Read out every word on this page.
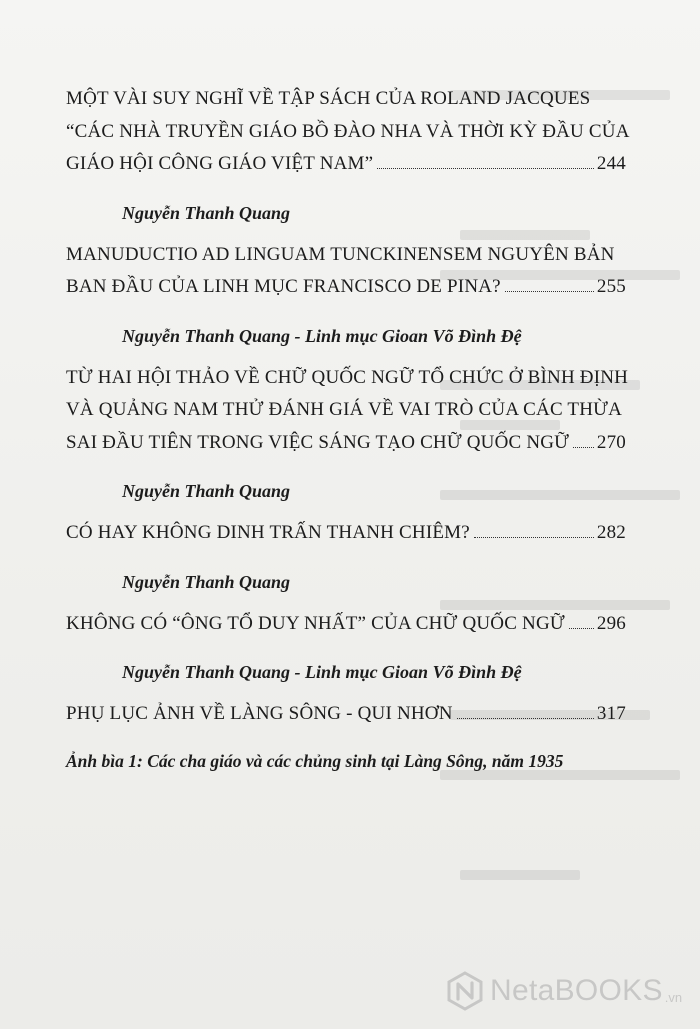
MỘT VÀI SUY NGHĨ VỀ TẬP SÁCH CỦA ROLAND JACQUES
“CÁC NHÀ TRUYỀN GIÁO BỒ ĐÀO NHA VÀ THỜI KỲ ĐẦU CỦA
GIÁO HỘI CÔNG GIÁO VIỆT NAM”	244
Nguyễn Thanh Quang
MANUDUCTIO AD LINGUAM TUNCKINENSEM NGUYÊN BẢN
BAN ĐẦU CỦA LINH MỤC FRANCISCO DE PINA?	255
Nguyễn Thanh Quang - Linh mục Gioan Võ Đình Đệ
TỪ HAI HỘI THẢO VỀ CHỮ QUỐC NGỮ TỔ CHỨC Ở BÌNH ĐỊNH
VÀ QUẢNG NAM THỬ ĐÁNH GIÁ VỀ VAI TRÒ CỦA CÁC THỪA
SAI ĐẦU TIÊN TRONG VIỆC SÁNG TẠO CHỮ QUỐC NGỮ 270
Nguyễn Thanh Quang
CÓ HAY KHÔNG DINH TRẤN THANH CHIÊM?	282
Nguyễn Thanh Quang
KHÔNG CÓ “ÔNG TỔ DUY NHẤT” CỦA CHỮ QUỐC NGỮ 296
Nguyễn Thanh Quang - Linh mục Gioan Võ Đình Đệ
PHỤ LỤC ẢNH VỀ LÀNG SÔNG - QUI NHƠN	317
Ảnh bìa 1: Các cha giáo và các chủng sinh tại Làng Sông, năm 1935
NetaBOOKS .vn
